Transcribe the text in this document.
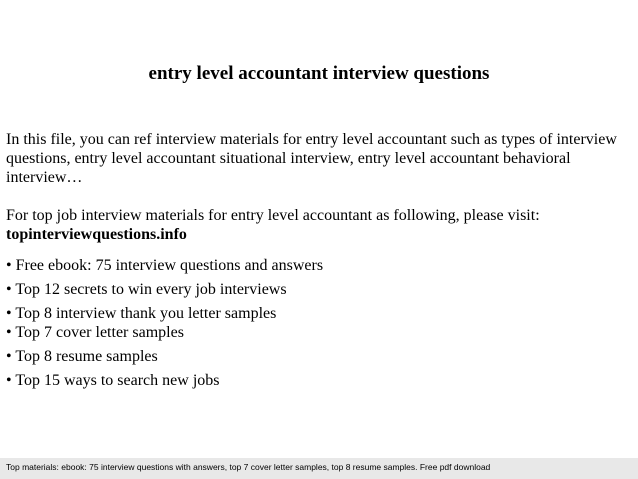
entry level accountant interview questions

In this file, you can ref interview materials for entry level accountant such as types of interview questions, entry level accountant situational interview, entry level accountant behavioral interview…

For top job interview materials for entry level accountant as following, please visit:
topinterviewquestions.info

• Free ebook: 75 interview questions and answers
• Top 12 secrets to win every job interviews
• Top 8 interview thank you letter samples
• Top 7 cover letter samples
• Top 8 resume samples
• Top 15 ways to search new jobs
Top materials: ebook: 75 interview questions with answers, top 7 cover letter samples, top 8 resume samples. Free pdf download
